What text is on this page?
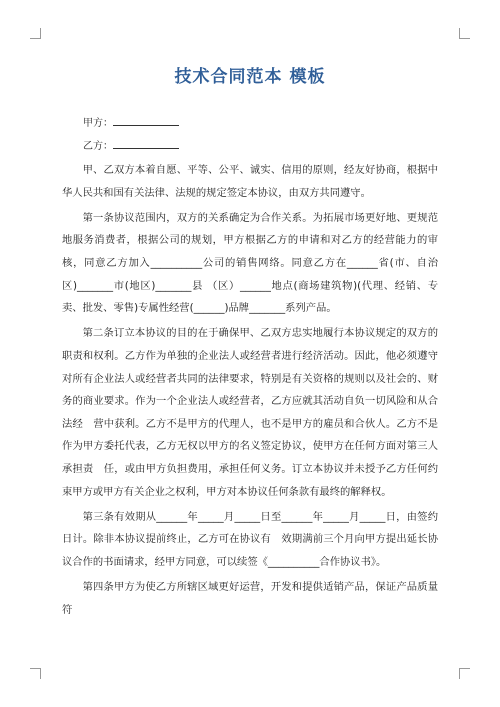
技术合同范本 模板
甲方：
乙方：

甲、乙双方本着自愿、平等、公平、诚实、信用的原则，经友好协商，根据中华人民共和国有关法律、法规的规定签定本协议，由双方共同遵守。

第一条协议范围内，双方的关系确定为合作关系。为拓展市场更好地、更规范地服务消费者，根据公司的规划，甲方根据乙方的申请和对乙方的经营能力的审核，同意乙方加入__________公司的销售网络。同意乙方在______省(市、自治区)_______市(地区)_______县 （区）______地点(商场建筑物)(代理、经销、专卖、批发、零售)专属性经营(______)品牌_______系列产品。

第二条订立本协议的目的在于确保甲、乙双方忠实地履行本协议规定的双方的职责和权利。乙方作为单独的企业法人或经营者进行经济活动。因此，他必须遵守对所有企业法人或经营者共同的法律要求，特别是有关资格的规则以及社会的、财务的商业要求。作为一个企业法人或经营者，乙方应就其活动自负一切风险和从合法经　营中获利。乙方不是甲方的代理人，也不是甲方的雇员和合伙人。乙方不是作为甲方委托代表，乙方无权以甲方的名义签定协议，使甲方在任何方面对第三人承担责　任，或由甲方负担费用，承担任何义务。订立本协议并未授予乙方任何约束甲方或甲方有关企业之权利，甲方对本协议任何条款有最终的解释权。

第三条有效期从______年_____月_____日至______年_____月_____日，由签约日计。除非本协议提前终止，乙方可在协议有　效期满前三个月向甲方提出延长协议合作的书面请求，经甲方同意，可以续签《__________合作协议书》。

第四条甲方为使乙方所辖区域更好运营，开发和提供适销产品，保证产品质量符
